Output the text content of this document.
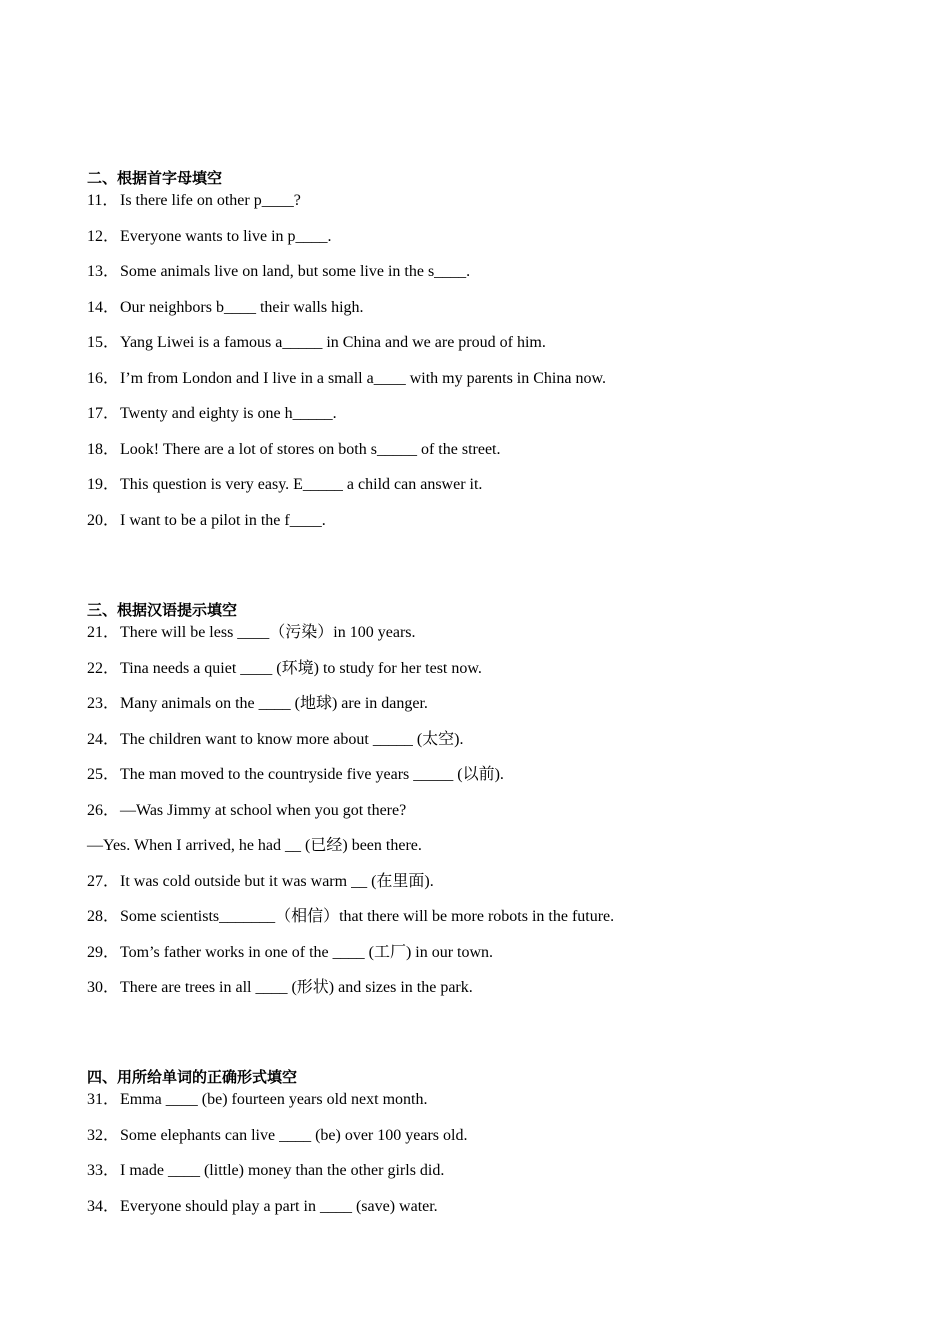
二、根据首字母填空
11．Is there life on other p____?
12．Everyone wants to live in p____.
13．Some animals live on land, but some live in the s____.
14．Our neighbors b____ their walls high.
15．Yang Liwei is a famous a_____ in China and we are proud of him.
16．I’m from London and I live in a small a____ with my parents in China now.
17．Twenty and eighty is one h_____.
18．Look! There are a lot of stores on both s_____ of the street.
19．This question is very easy. E_____ a child can answer it.
20．I want to be a pilot in the f____.
三、根据汉语提示填空
21．There will be less ____（污染）in 100 years.
22．Tina needs a quiet ____ (环境) to study for her test now.
23．Many animals on the ____ (地球) are in danger.
24．The children want to know more about _____ (太空).
25．The man moved to the countryside five years _____ (以前).
26．—Was Jimmy at school when you got there?
—Yes. When I arrived, he had __ (已经) been there.
27．It was cold outside but it was warm __ (在里面).
28．Some scientists_______（相信）that there will be more robots in the future.
29．Tom’s father works in one of the ____ (工厂) in our town.
30．There are trees in all ____ (形状) and sizes in the park.
四、用所给单词的正确形式填空
31．Emma ____ (be) fourteen years old next month.
32．Some elephants can live ____ (be) over 100 years old.
33．I made ____ (little) money than the other girls did.
34．Everyone should play a part in ____ (save) water.
